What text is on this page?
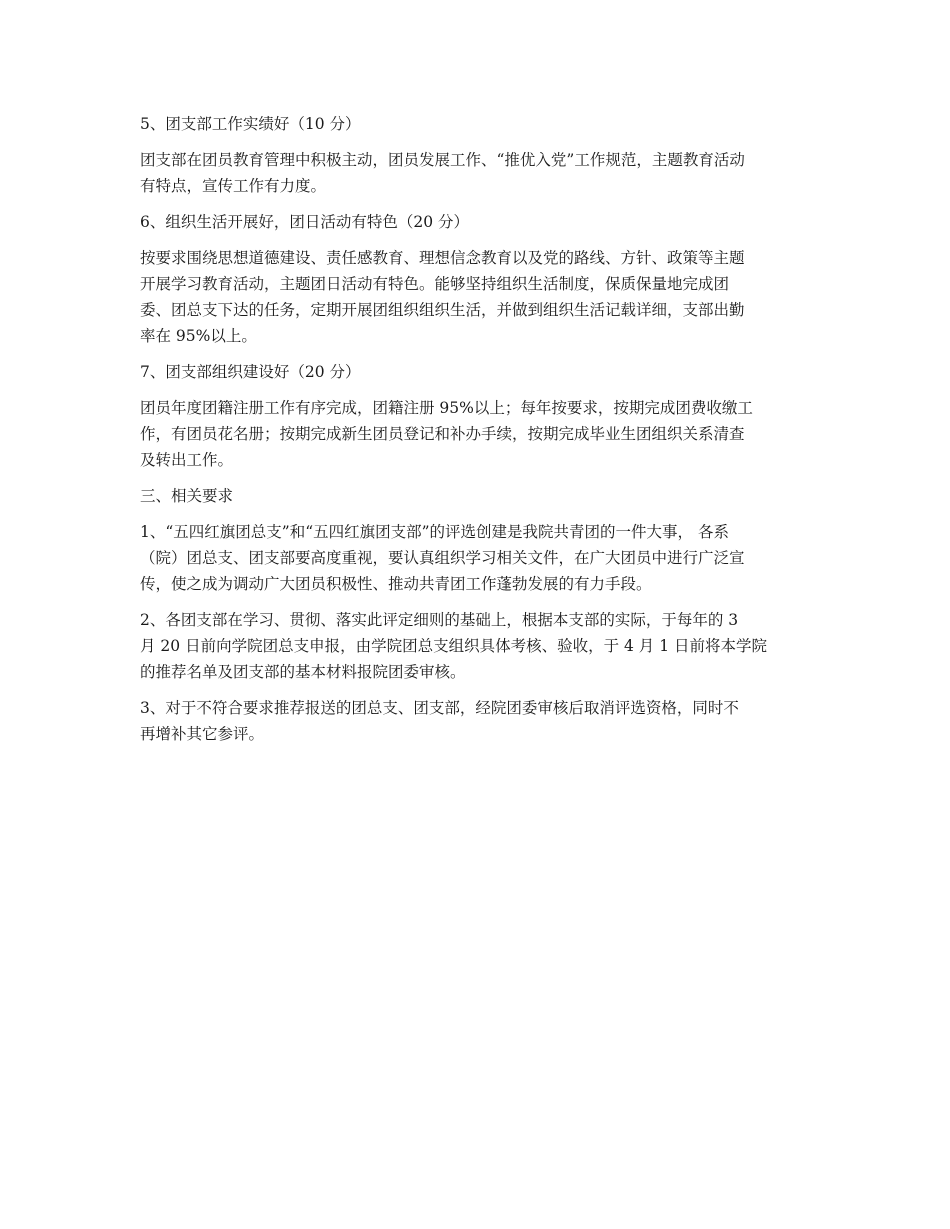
5、团支部工作实绩好（10 分）

团支部在团员教育管理中积极主动，团员发展工作、“推优入党”工作规范，主题教育活动
有特点，宣传工作有力度。

6、组织生活开展好，团日活动有特色（20 分）

按要求围绕思想道德建设、责任感教育、理想信念教育以及党的路线、方针、政策等主题
开展学习教育活动，主题团日活动有特色。能够坚持组织生活制度，保质保量地完成团
委、团总支下达的任务，定期开展团组织组织生活，并做到组织生活记载详细，支部出勤
率在 95%以上。

7、团支部组织建设好（20 分）

团员年度团籍注册工作有序完成，团籍注册 95%以上；每年按要求，按期完成团费收缴工
作，有团员花名册；按期完成新生团员登记和补办手续，按期完成毕业生团组织关系清查
及转出工作。

三、相关要求

1、“五四红旗团总支”和“五四红旗团支部”的评选创建是我院共青团的一件大事， 各系
（院）团总支、团支部要高度重视，要认真组织学习相关文件，在广大团员中进行广泛宣
传，使之成为调动广大团员积极性、推动共青团工作蓬勃发展的有力手段。

2、各团支部在学习、贯彻、落实此评定细则的基础上，根据本支部的实际，于每年的 3
月 20 日前向学院团总支申报，由学院团总支组织具体考核、验收，于 4 月 1 日前将本学院
的推荐名单及团支部的基本材料报院团委审核。

3、对于不符合要求推荐报送的团总支、团支部，经院团委审核后取消评选资格，同时不
再增补其它参评。
